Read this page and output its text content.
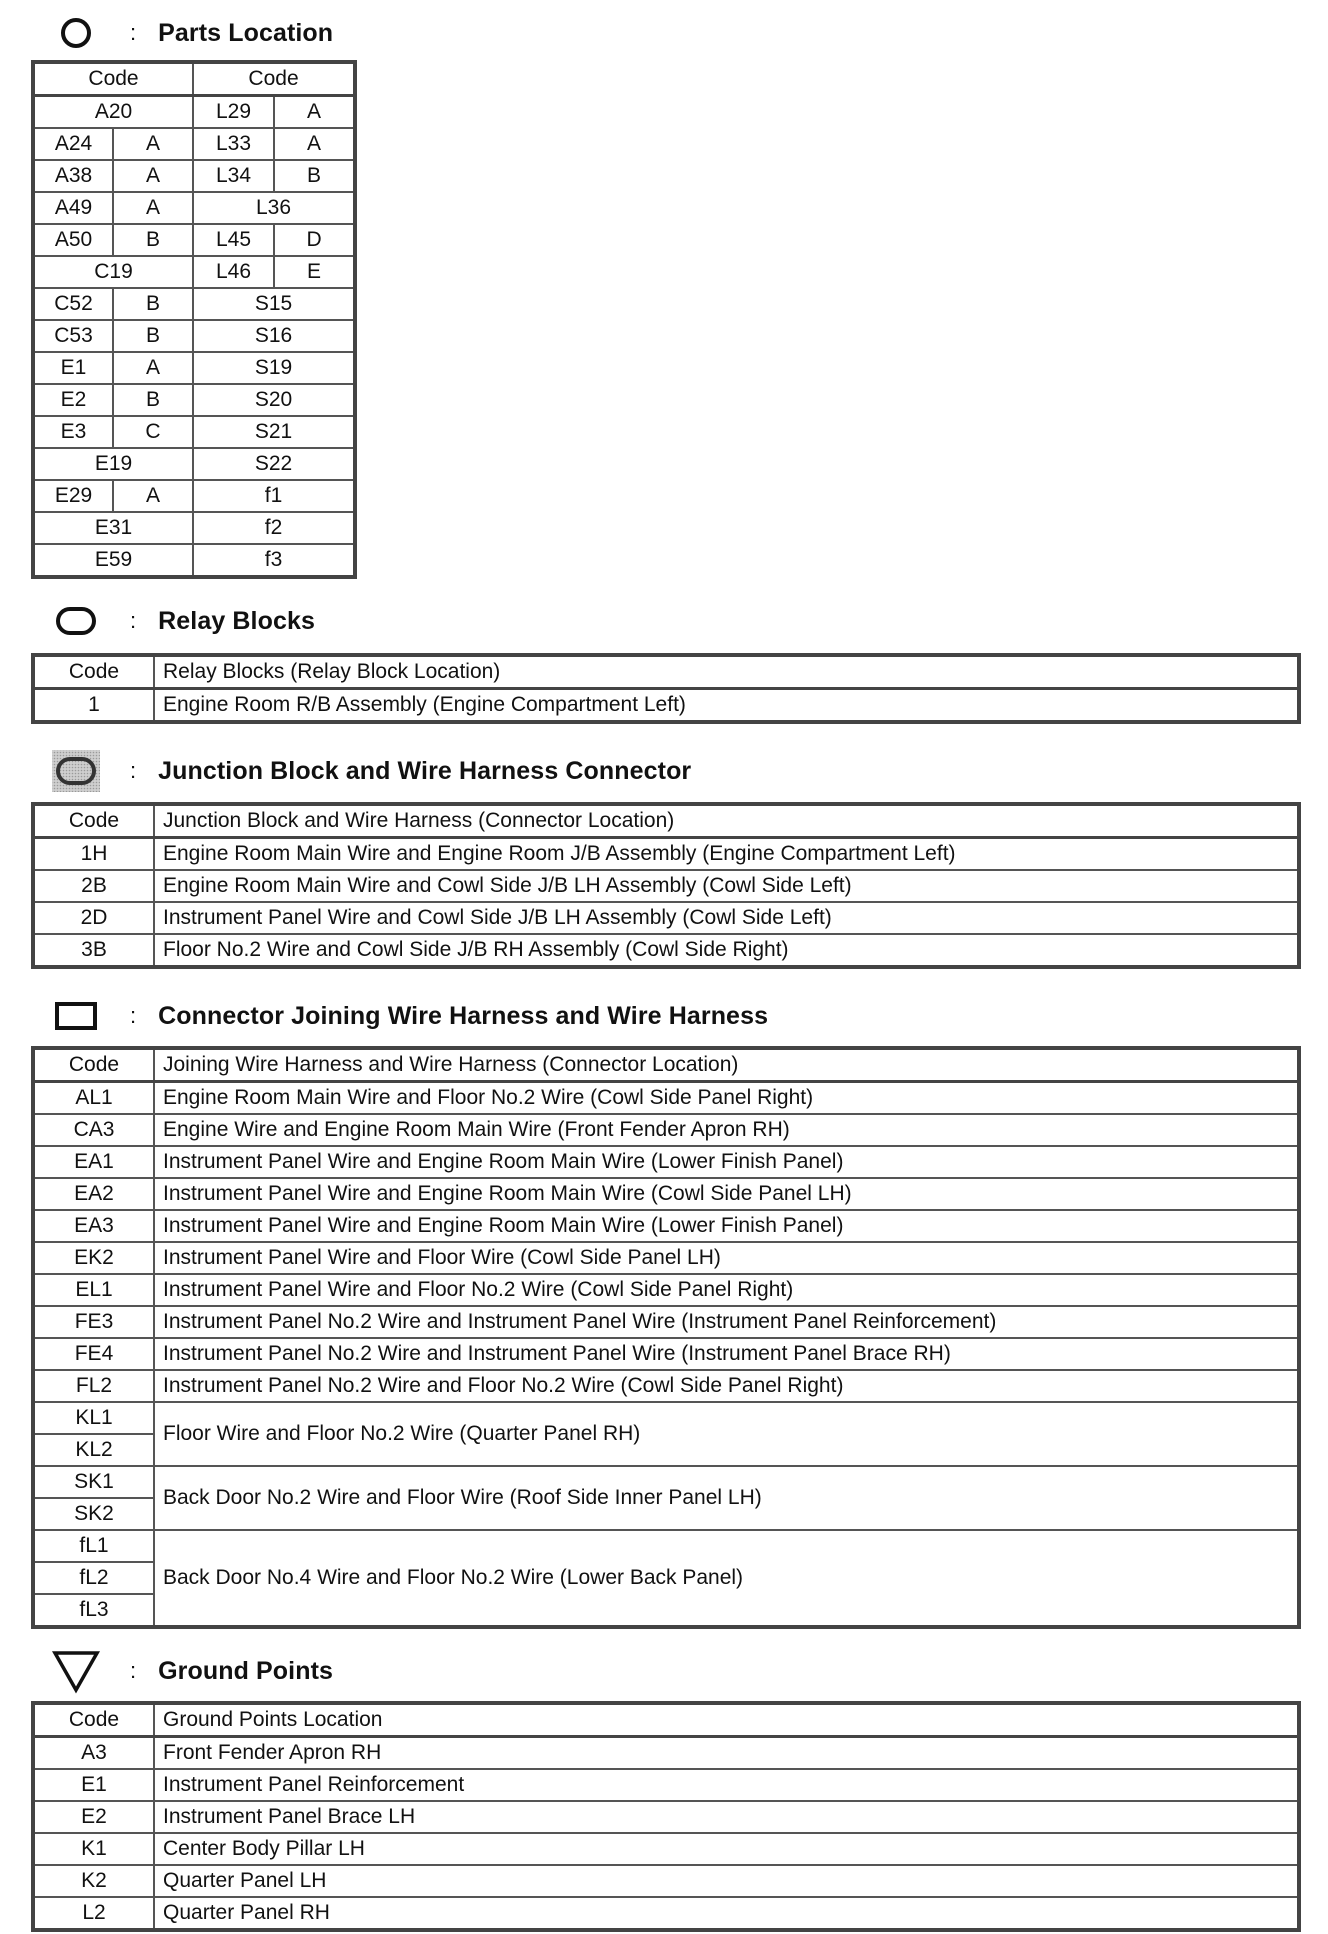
: Parts Location
Code		Code	
A20		L29	A
A24	A	L33	A
A38	A	L34	B
A49	A	L36	
A50	B	L45	D
C19		L46	E
C52	B	S15	
C53	B	S16	
E1	A	S19	
E2	B	S20	
E3	C	S21	
E19		S22	
E29	A	f1	
E31		f2	
E59		f3	
: Relay Blocks
Code	Relay Blocks (Relay Block Location)
1	Engine Room R/B Assembly (Engine Compartment Left)
: Junction Block and Wire Harness Connector
Code	Junction Block and Wire Harness (Connector Location)
1H	Engine Room Main Wire and Engine Room J/B Assembly (Engine Compartment Left)
2B	Engine Room Main Wire and Cowl Side J/B LH Assembly (Cowl Side Left)
2D	Instrument Panel Wire and Cowl Side J/B LH Assembly (Cowl Side Left)
3B	Floor No.2 Wire and Cowl Side J/B RH Assembly (Cowl Side Right)
: Connector Joining Wire Harness and Wire Harness
Code	Joining Wire Harness and Wire Harness (Connector Location)
AL1	Engine Room Main Wire and Floor No.2 Wire (Cowl Side Panel Right)
CA3	Engine Wire and Engine Room Main Wire (Front Fender Apron RH)
EA1	Instrument Panel Wire and Engine Room Main Wire (Lower Finish Panel)
EA2	Instrument Panel Wire and Engine Room Main Wire (Cowl Side Panel LH)
EA3	Instrument Panel Wire and Engine Room Main Wire (Lower Finish Panel)
EK2	Instrument Panel Wire and Floor Wire (Cowl Side Panel LH)
EL1	Instrument Panel Wire and Floor No.2 Wire (Cowl Side Panel Right)
FE3	Instrument Panel No.2 Wire and Instrument Panel Wire (Instrument Panel Reinforcement)
FE4	Instrument Panel No.2 Wire and Instrument Panel Wire (Instrument Panel Brace RH)
FL2	Instrument Panel No.2 Wire and Floor No.2 Wire (Cowl Side Panel Right)
KL1	Floor Wire and Floor No.2 Wire (Quarter Panel RH)
KL2	
SK1	Back Door No.2 Wire and Floor Wire (Roof Side Inner Panel LH)
SK2	
fL1	Back Door No.4 Wire and Floor No.2 Wire (Lower Back Panel)
fL2	
fL3	
: Ground Points
Code	Ground Points Location
A3	Front Fender Apron RH
E1	Instrument Panel Reinforcement
E2	Instrument Panel Brace LH
K1	Center Body Pillar LH
K2	Quarter Panel LH
L2	Quarter Panel RH
